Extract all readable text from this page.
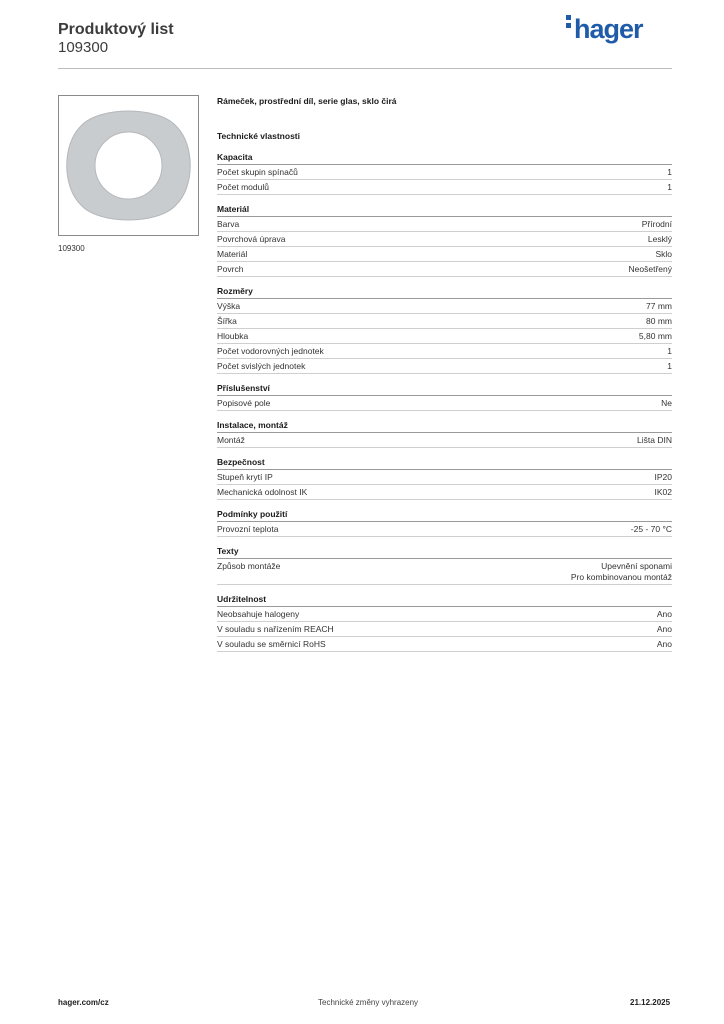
Produktový list
109300
hager
109300
Rámeček, prostřední díl, serie glas, sklo čirá
Technické vlastnosti
Kapacita
Počet skupin spínačů	1
Počet modulů	1
Materiál
Barva	Přírodní
Povrchová úprava	Lesklý
Materiál	Sklo
Povrch	Neošetřený
Rozměry
Výška	77 mm
Šířka	80 mm
Hloubka	5,80 mm
Počet vodorovných jednotek	1
Počet svislých jednotek	1
Příslušenství
Popisové pole	Ne
Instalace, montáž
Montáž	Lišta DIN
Bezpečnost
Stupeň krytí IP	IP20
Mechanická odolnost IK	IK02
Podmínky použití
Provozní teplota	-25 - 70 °C
Texty
Způsob montáže	Upevnění sponami
Pro kombinovanou montáž
Udržitelnost
Neobsahuje halogeny	Ano
V souladu s nařízením REACH	Ano
V souladu se směrnicí RoHS	Ano
hager.com/cz	Technické změny vyhrazeny	21.12.2025
